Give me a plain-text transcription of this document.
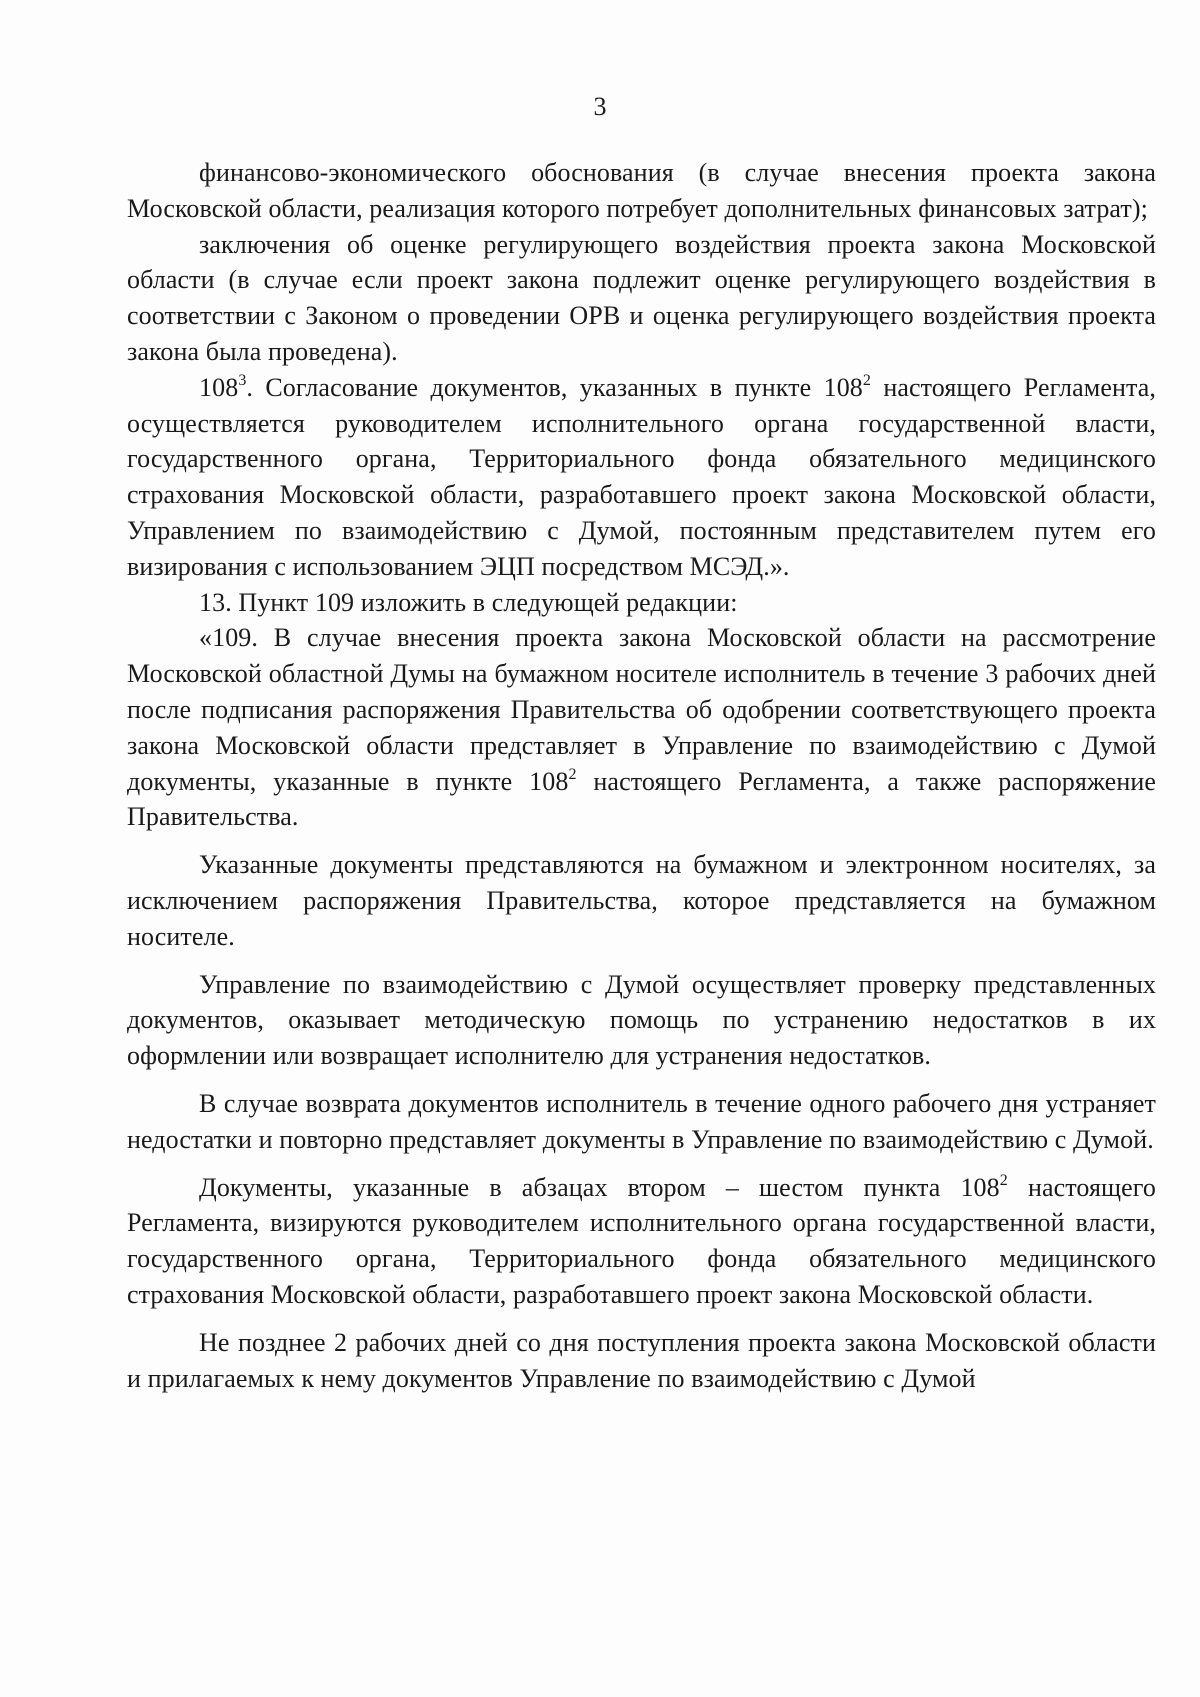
3

финансово-экономического обоснования (в случае внесения проекта закона Московской области, реализация которого потребует дополнительных финансовых затрат);

заключения об оценке регулирующего воздействия проекта закона Московской области (в случае если проект закона подлежит оценке регулирующего воздействия в соответствии с Законом о проведении ОРВ и оценка регулирующего воздействия проекта закона была проведена).

$108^3$. Согласование документов, указанных в пункте $108^2$ настоящего Регламента, осуществляется руководителем исполнительного органа государственной власти, государственного органа, Территориального фонда обязательного медицинского страхования Московской области, разработавшего проект закона Московской области, Управлением по взаимодействию с Думой, постоянным представителем путем его визирования с использованием ЭЦП посредством МСЭД.».

13. Пункт 109 изложить в следующей редакции:

«109. В случае внесения проекта закона Московской области на рассмотрение Московской областной Думы на бумажном носителе исполнитель в течение 3 рабочих дней после подписания распоряжения Правительства об одобрении соответствующего проекта закона Московской области представляет в Управление по взаимодействию с Думой документы, указанные в пункте $108^2$ настоящего Регламента, а также распоряжение Правительства.

Указанные документы представляются на бумажном и электронном носителях, за исключением распоряжения Правительства, которое представляется на бумажном носителе.

Управление по взаимодействию с Думой осуществляет проверку представленных документов, оказывает методическую помощь по устранению недостатков в их оформлении или возвращает исполнителю для устранения недостатков.

В случае возврата документов исполнитель в течение одного рабочего дня устраняет недостатки и повторно представляет документы в Управление по взаимодействию с Думой.

Документы, указанные в абзацах втором – шестом пункта $108^2$ настоящего Регламента, визируются руководителем исполнительного органа государственной власти, государственного органа, Территориального фонда обязательного медицинского страхования Московской области, разработавшего проект закона Московской области.

Не позднее 2 рабочих дней со дня поступления проекта закона Московской области и прилагаемых к нему документов Управление по взаимодействию с Думой
